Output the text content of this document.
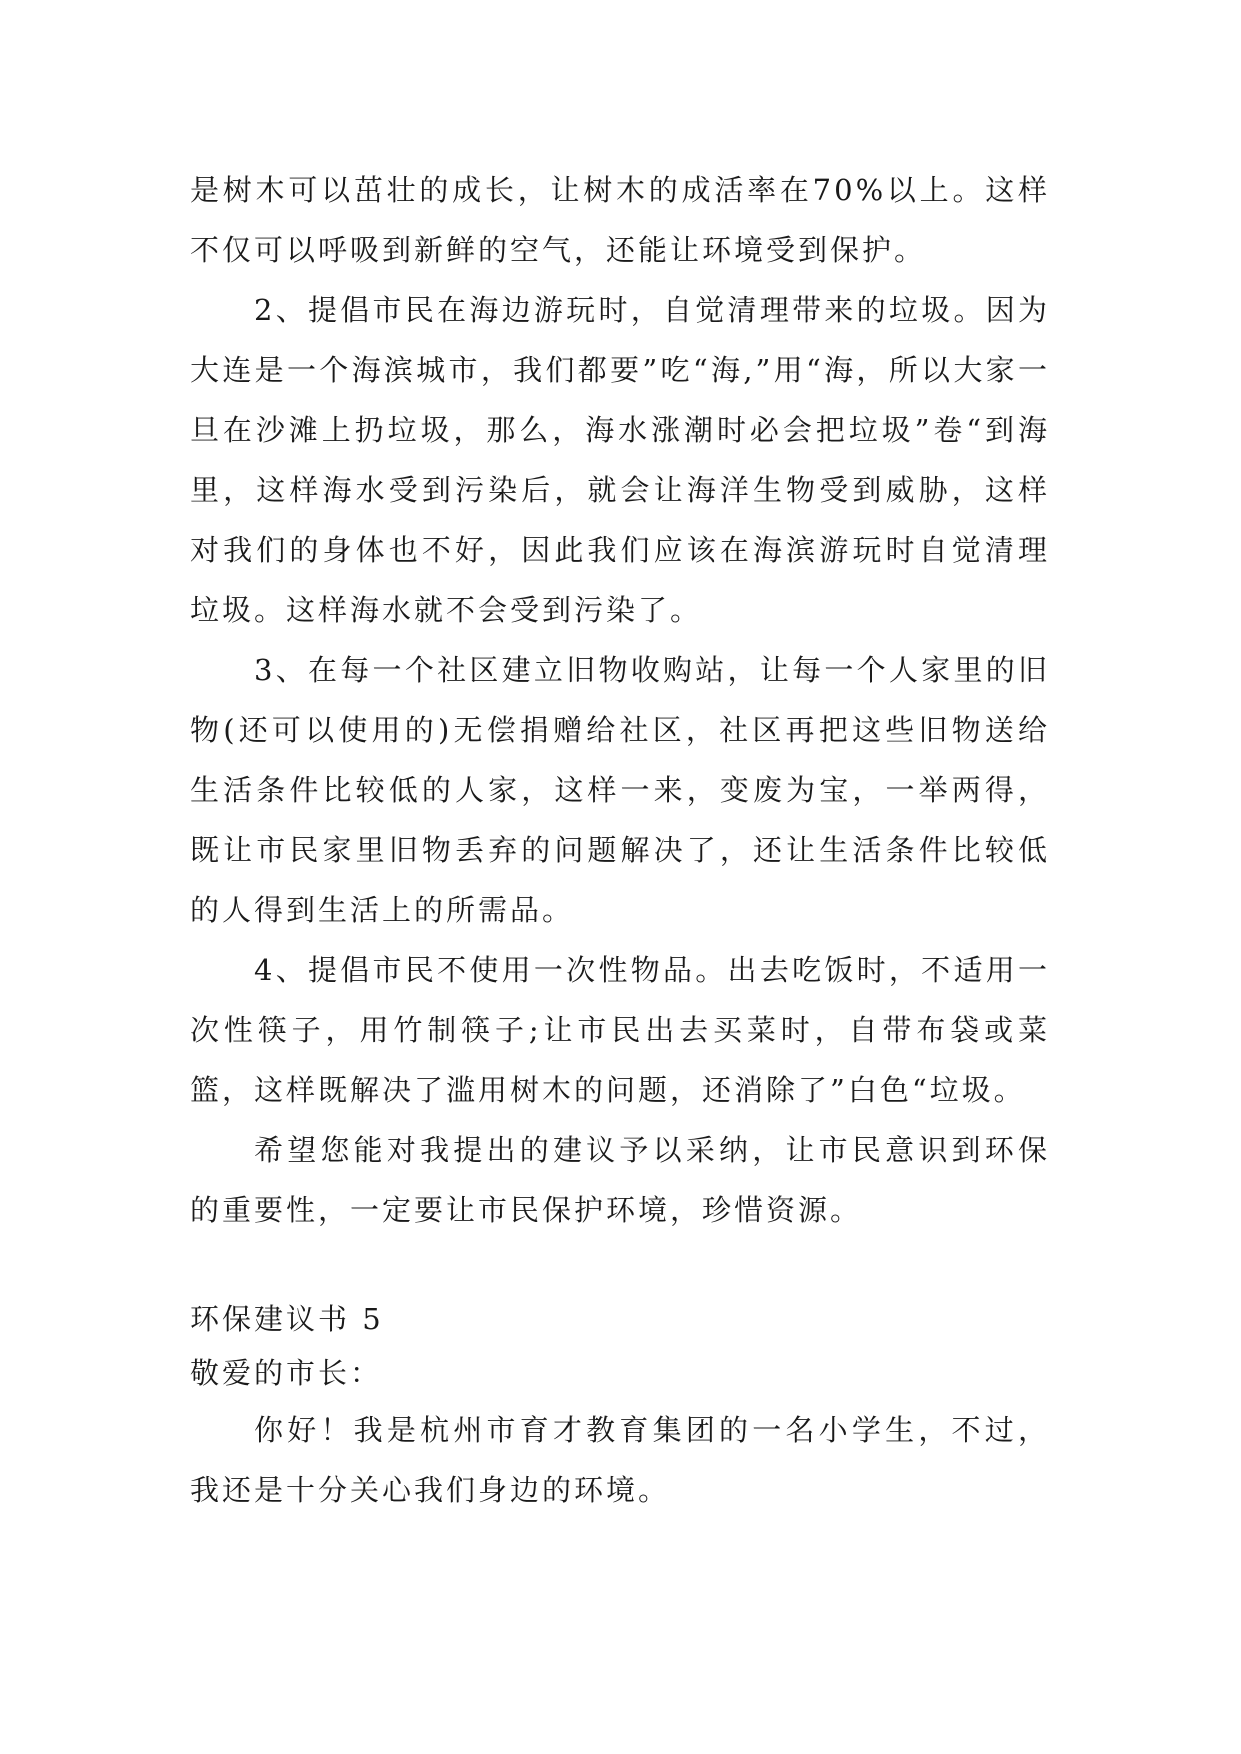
是树木可以茁壮的成长，让树木的成活率在70%以上。这样不仅可以呼吸到新鲜的空气，还能让环境受到保护。

2、提倡市民在海边游玩时，自觉清理带来的垃圾。因为大连是一个海滨城市，我们都要”吃“海,”用“海，所以大家一旦在沙滩上扔垃圾，那么，海水涨潮时必会把垃圾”卷“到海里，这样海水受到污染后，就会让海洋生物受到威胁，这样对我们的身体也不好，因此我们应该在海滨游玩时自觉清理垃圾。这样海水就不会受到污染了。

3、在每一个社区建立旧物收购站，让每一个人家里的旧物(还可以使用的)无偿捐赠给社区，社区再把这些旧物送给生活条件比较低的人家，这样一来，变废为宝，一举两得，既让市民家里旧物丢弃的问题解决了，还让生活条件比较低的人得到生活上的所需品。

4、提倡市民不使用一次性物品。出去吃饭时，不适用一次性筷子，用竹制筷子;让市民出去买菜时，自带布袋或菜篮，这样既解决了滥用树木的问题，还消除了”白色“垃圾。

希望您能对我提出的建议予以采纳，让市民意识到环保的重要性，一定要让市民保护环境，珍惜资源。

环保建议书 5

敬爱的市长：

你好！我是杭州市育才教育集团的一名小学生，不过，我还是十分关心我们身边的环境。
